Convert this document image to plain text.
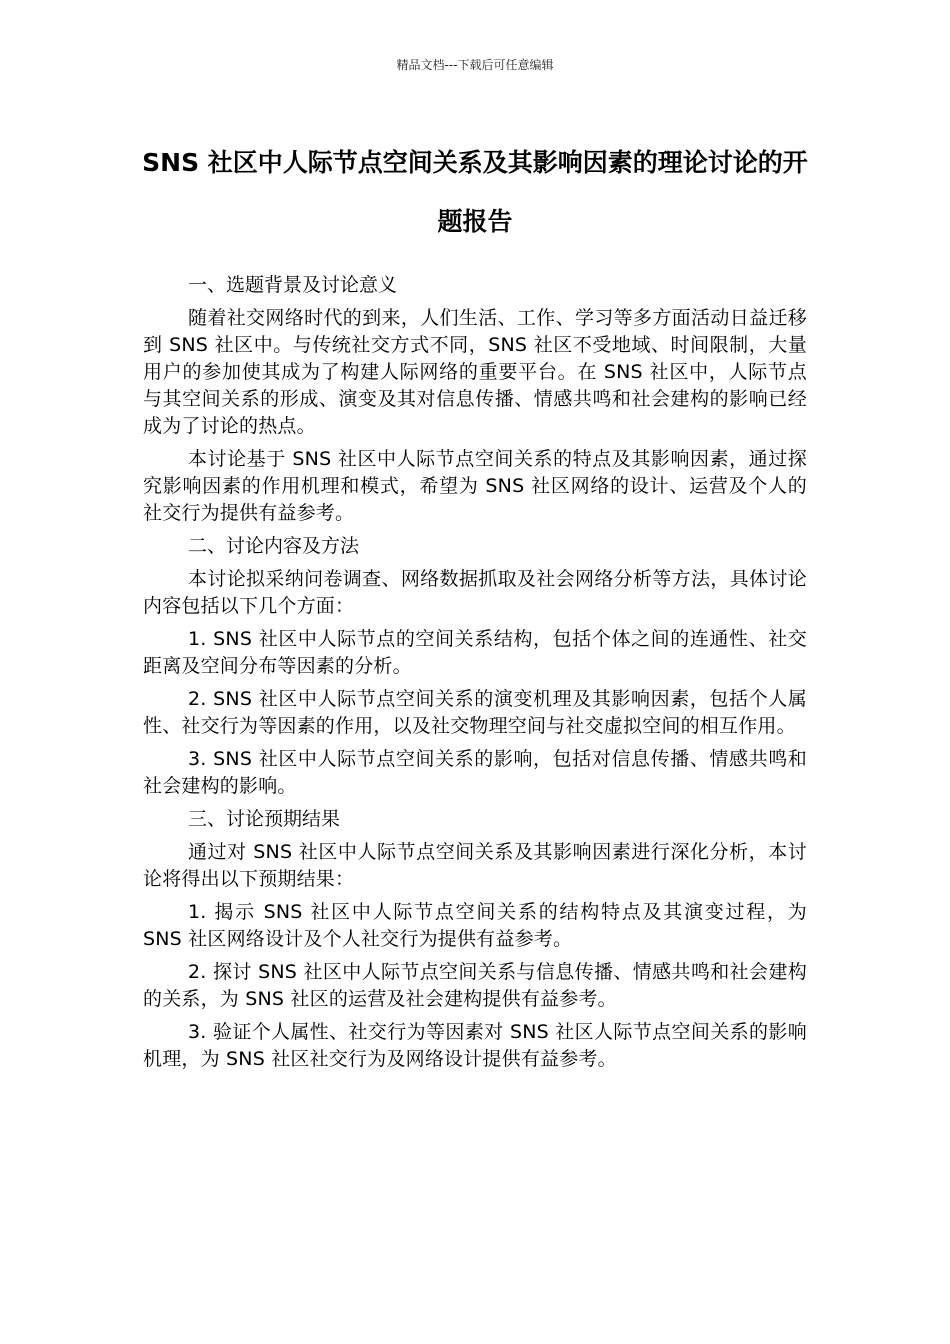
精品文档---下载后可任意编辑
SNS 社区中人际节点空间关系及其影响因素的理论讨论的开题报告

一、选题背景及讨论意义

随着社交网络时代的到来，人们生活、工作、学习等多方面活动日益迁移到 SNS 社区中。与传统社交方式不同，SNS 社区不受地域、时间限制，大量用户的参加使其成为了构建人际网络的重要平台。在 SNS 社区中，人际节点与其空间关系的形成、演变及其对信息传播、情感共鸣和社会建构的影响已经成为了讨论的热点。

本讨论基于 SNS 社区中人际节点空间关系的特点及其影响因素，通过探究影响因素的作用机理和模式，希望为 SNS 社区网络的设计、运营及个人的社交行为提供有益参考。

二、讨论内容及方法

本讨论拟采纳问卷调查、网络数据抓取及社会网络分析等方法，具体讨论内容包括以下几个方面：

1. SNS 社区中人际节点的空间关系结构，包括个体之间的连通性、社交距离及空间分布等因素的分析。

2. SNS 社区中人际节点空间关系的演变机理及其影响因素，包括个人属性、社交行为等因素的作用，以及社交物理空间与社交虚拟空间的相互作用。

3. SNS 社区中人际节点空间关系的影响，包括对信息传播、情感共鸣和社会建构的影响。

三、讨论预期结果

通过对 SNS 社区中人际节点空间关系及其影响因素进行深化分析，本讨论将得出以下预期结果：

1. 揭示 SNS 社区中人际节点空间关系的结构特点及其演变过程，为 SNS 社区网络设计及个人社交行为提供有益参考。

2. 探讨 SNS 社区中人际节点空间关系与信息传播、情感共鸣和社会建构的关系，为 SNS 社区的运营及社会建构提供有益参考。

3. 验证个人属性、社交行为等因素对 SNS 社区人际节点空间关系的影响机理，为 SNS 社区社交行为及网络设计提供有益参考。
